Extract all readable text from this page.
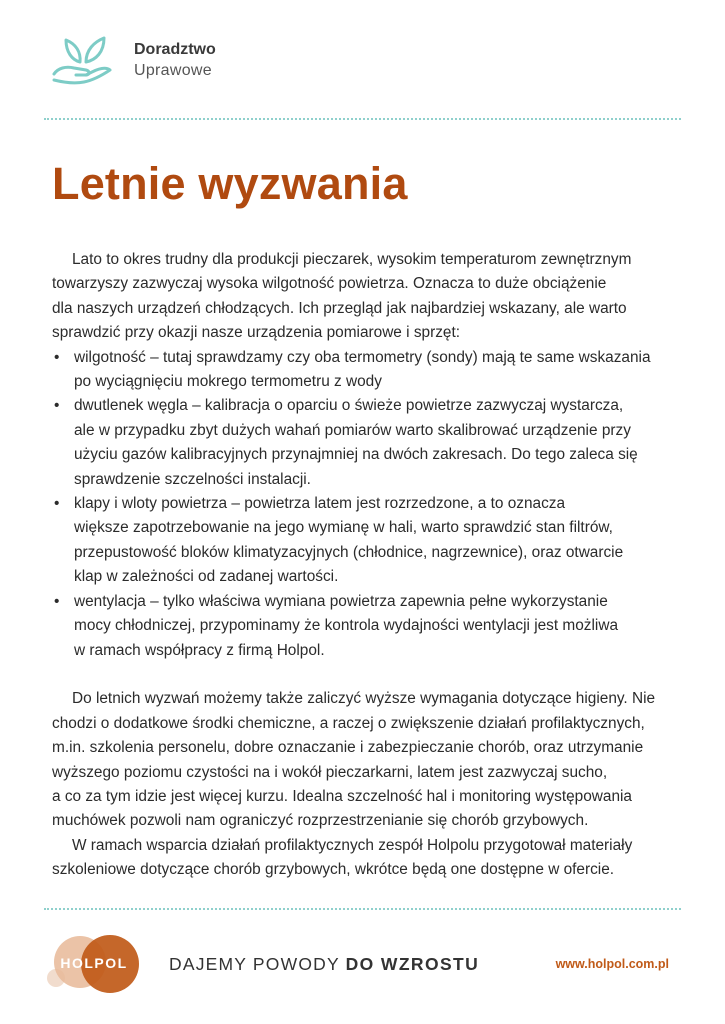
Doradztwo
Uprawowe
Letnie wyzwania

Lato to okres trudny dla produkcji pieczarek, wysokim temperaturom zewnętrznym
towarzyszy zazwyczaj wysoka wilgotność powietrza. Oznacza to duże obciążenie
dla naszych urządzeń chłodzących. Ich przegląd jak najbardziej wskazany, ale warto
sprawdzić przy okazji nasze urządzenia pomiarowe i sprzęt:

• wilgotność – tutaj sprawdzamy czy oba termometry (sondy) mają te same wskazania
po wyciągnięciu mokrego termometru z wody
• dwutlenek węgla – kalibracja o oparciu o świeże powietrze zazwyczaj wystarcza,
ale w przypadku zbyt dużych wahań pomiarów warto skalibrować urządzenie przy
użyciu gazów kalibracyjnych przynajmniej na dwóch zakresach. Do tego zaleca się
sprawdzenie szczelności instalacji.
• klapy i wloty powietrza – powietrza latem jest rozrzedzone, a to oznacza
większe zapotrzebowanie na jego wymianę w hali, warto sprawdzić stan filtrów,
przepustowość bloków klimatyzacyjnych (chłodnice, nagrzewnice), oraz otwarcie
klap w zależności od zadanej wartości.
• wentylacja – tylko właściwa wymiana powietrza zapewnia pełne wykorzystanie
mocy chłodniczej, przypominamy że kontrola wydajności wentylacji jest możliwa
w ramach współpracy z firmą Holpol.

Do letnich wyzwań możemy także zaliczyć wyższe wymagania dotyczące higieny. Nie
chodzi o dodatkowe środki chemiczne, a raczej o zwiększenie działań profilaktycznych,
m.in. szkolenia personelu, dobre oznaczanie i zabezpieczanie chorób, oraz utrzymanie
wyższego poziomu czystości na i wokół pieczarkarni, latem jest zazwyczaj sucho,
a co za tym idzie jest więcej kurzu. Idealna szczelność hal i monitoring występowania
muchówek pozwoli nam ograniczyć rozprzestrzenianie się chorób grzybowych.

W ramach wsparcia działań profilaktycznych zespół Holpolu przygotował materiały
szkoleniowe dotyczące chorób grzybowych, wkrótce będą one dostępne w ofercie.

HOLPOL DAJEMY POWODY DO WZROSTU	www.holpol.com.pl
